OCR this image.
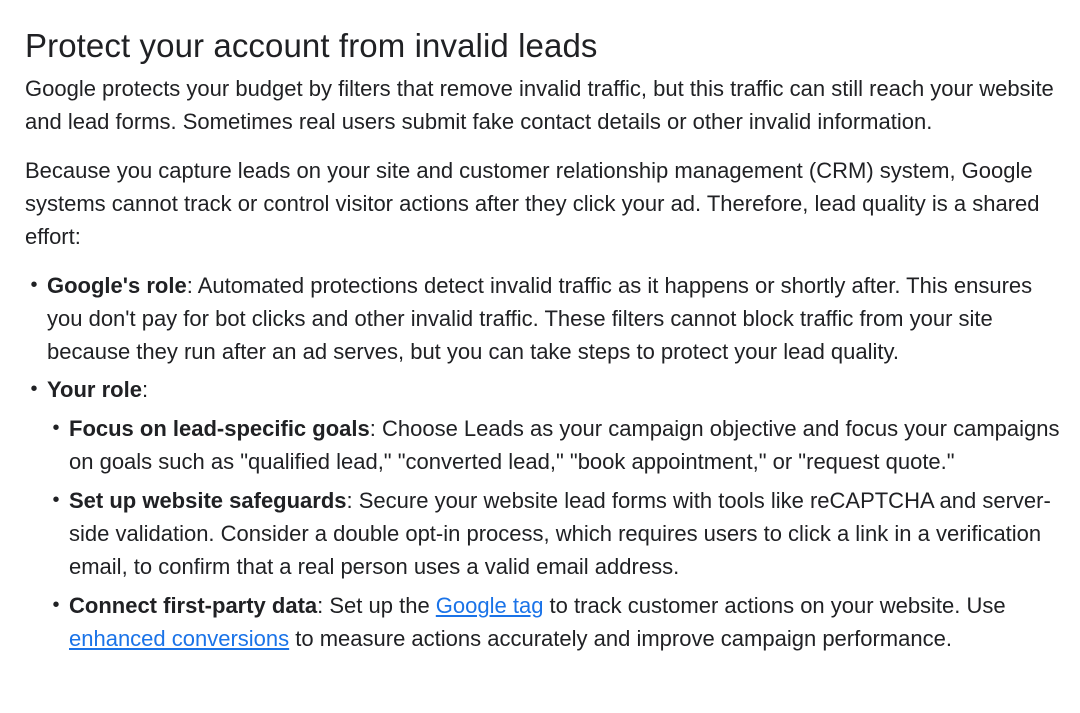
Protect your account from invalid leads

Google protects your budget by filters that remove invalid traffic, but this traffic can still reach your website and lead forms. Sometimes real users submit fake contact details or other invalid information.

Because you capture leads on your site and customer relationship management (CRM) system, Google systems cannot track or control visitor actions after they click your ad. Therefore, lead quality is a shared effort:

• Google's role: Automated protections detect invalid traffic as it happens or shortly after. This ensures you don't pay for bot clicks and other invalid traffic. These filters cannot block traffic from your site because they run after an ad serves, but you can take steps to protect your lead quality.
• Your role:
• Focus on lead-specific goals: Choose Leads as your campaign objective and focus your campaigns on goals such as "qualified lead," "converted lead," "book appointment," or "request quote."
• Set up website safeguards: Secure your website lead forms with tools like reCAPTCHA and server-side validation. Consider a double opt-in process, which requires users to click a link in a verification email, to confirm that a real person uses a valid email address.
• Connect first-party data: Set up the Google tag to track customer actions on your website. Use enhanced conversions to measure actions accurately and improve campaign performance.
